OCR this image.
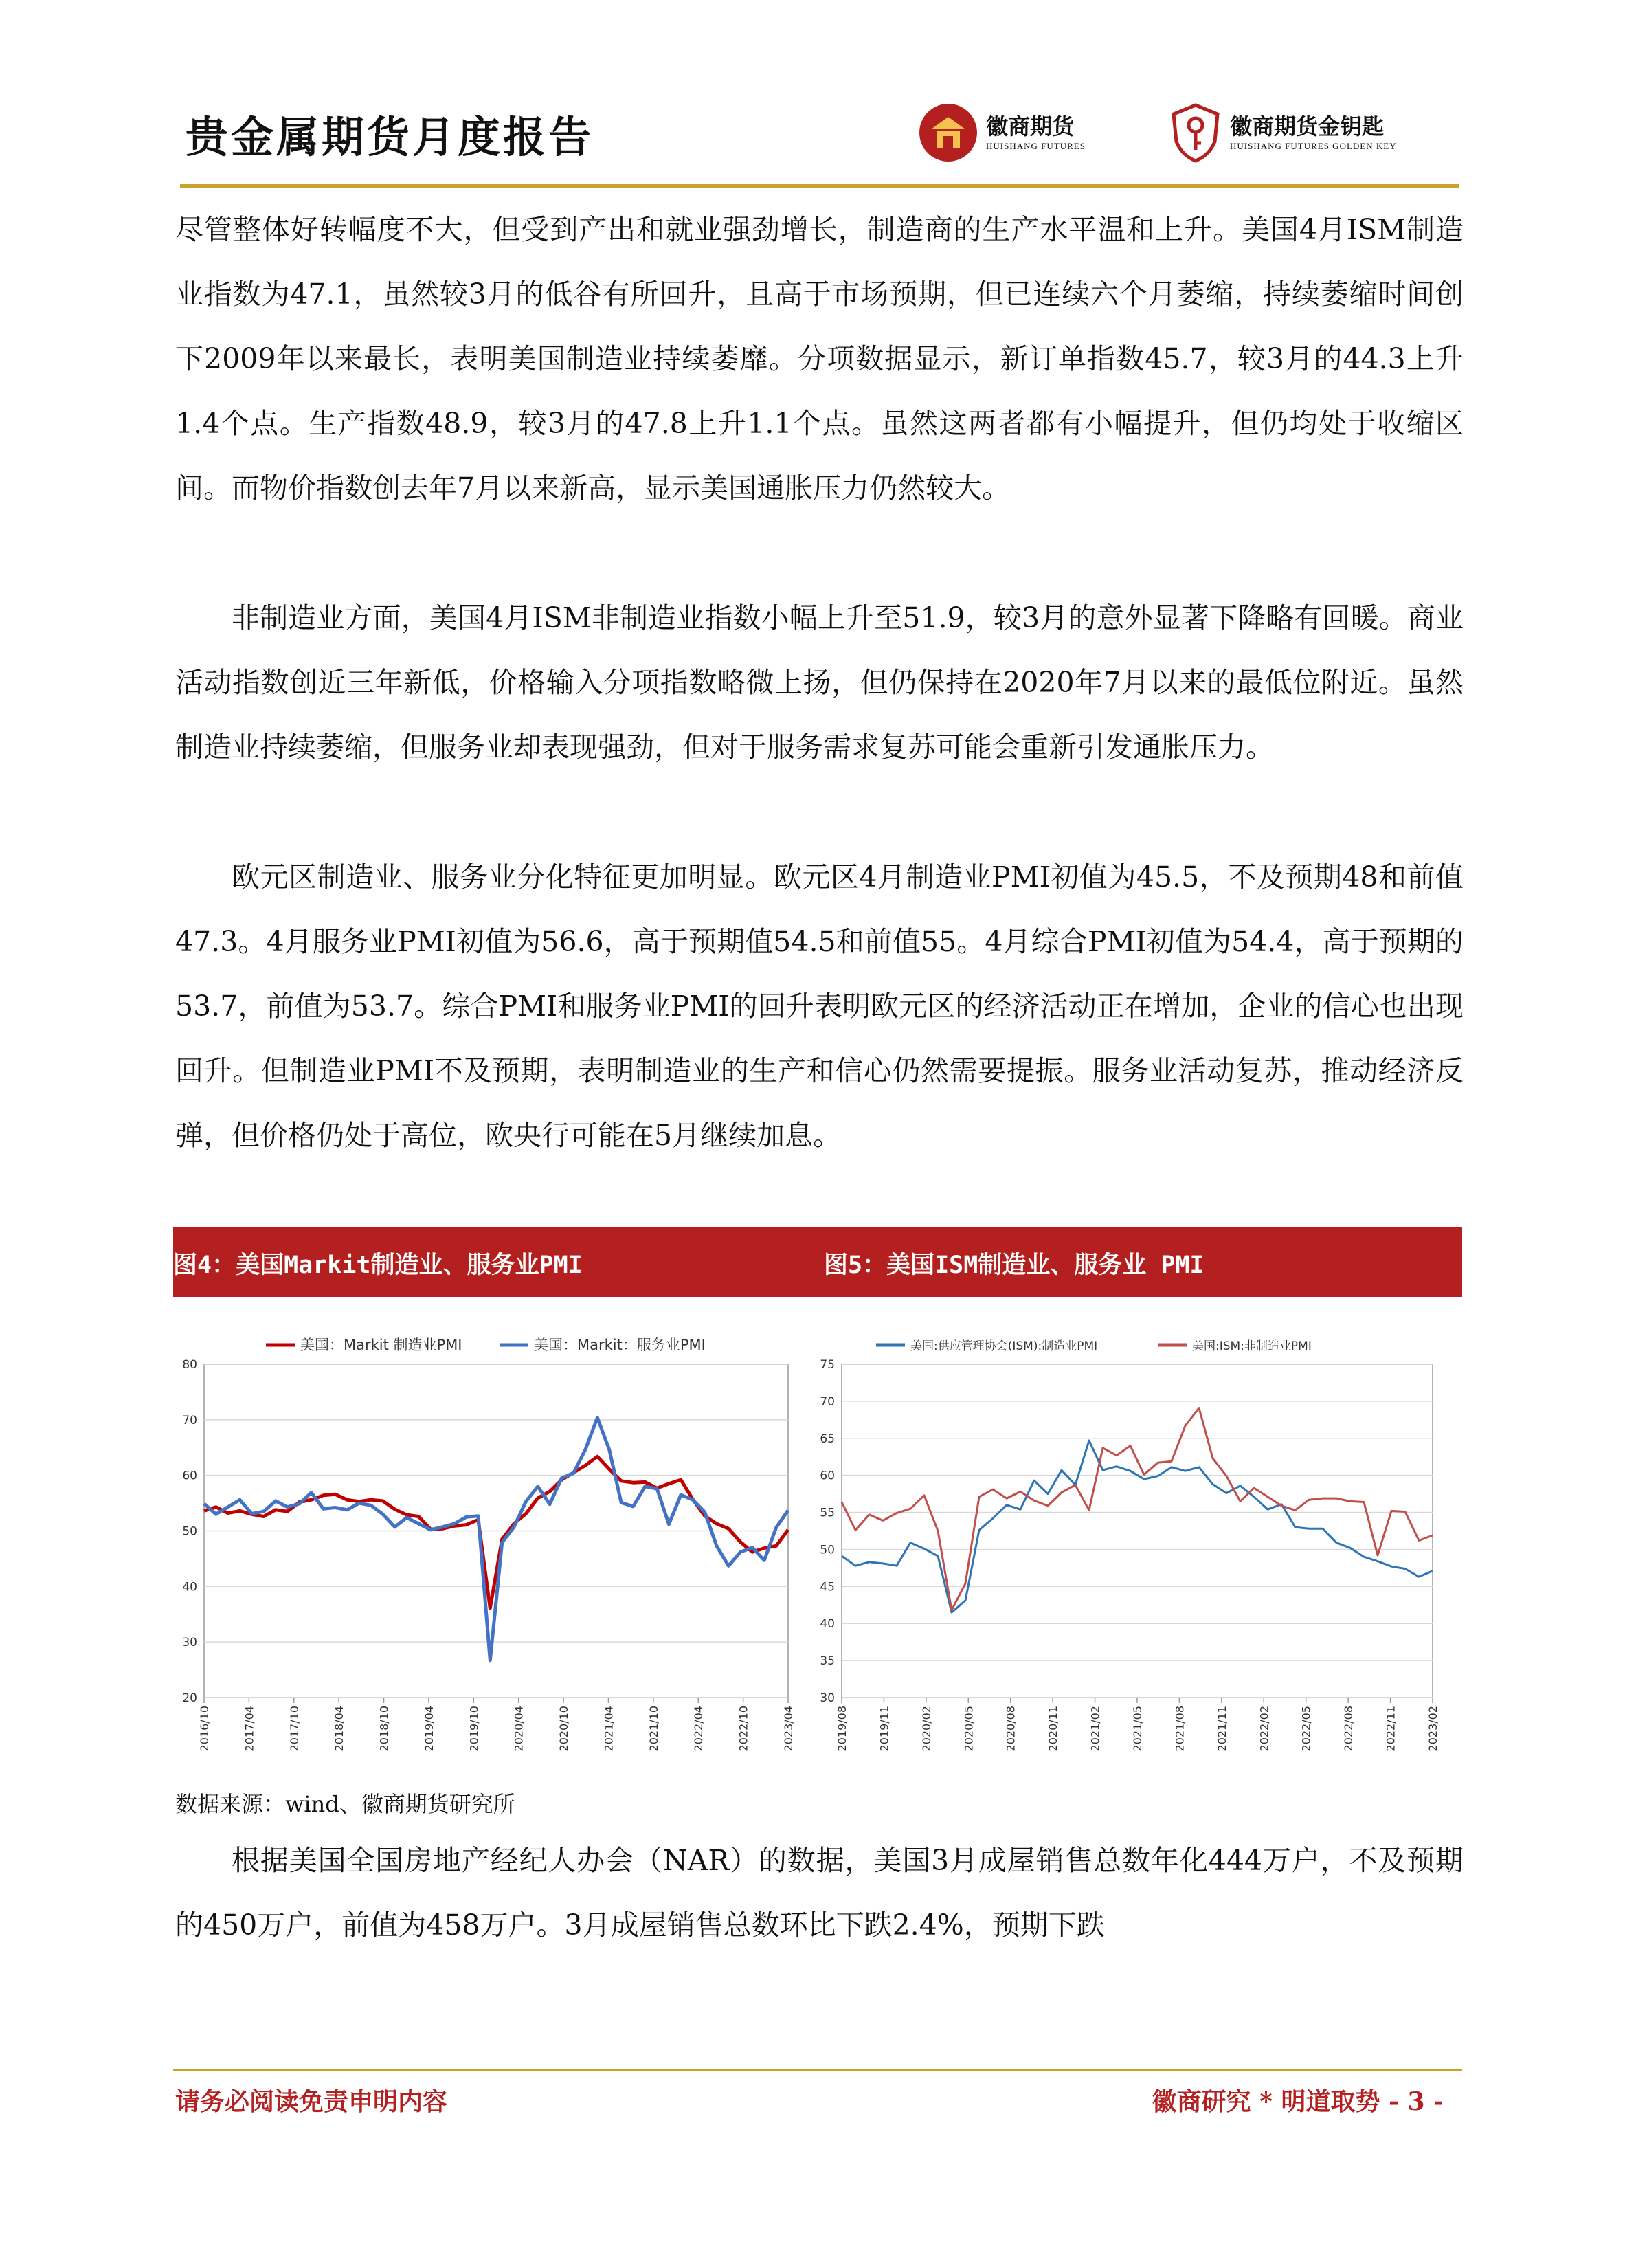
贵金属期货月度报告	徽商期货
HUISHANG FUTURES
徽商期货金钥匙
HUISHANG FUTURES GOLDEN KEY

尽管整体好转幅度不大，但受到产出和就业强劲增长，制造商的生产水平温和上升。美国4月ISM制造业指数为47.1，虽然较3月的低谷有所回升，且高于市场预期，但已连续六个月萎缩，持续萎缩时间创下2009年以来最长，表明美国制造业持续萎靡。分项数据显示，新订单指数45.7，较3月的44.3上升1.4个点。生产指数48.9，较3月的47.8上升1.1个点。虽然这两者都有小幅提升，但仍均处于收缩区间。而物价指数创去年7月以来新高，显示美国通胀压力仍然较大。

非制造业方面，美国4月ISM非制造业指数小幅上升至51.9，较3月的意外显著下降略有回暖。商业活动指数创近三年新低，价格输入分项指数略微上扬，但仍保持在2020年7月以来的最低位附近。虽然制造业持续萎缩，但服务业却表现强劲，但对于服务需求复苏可能会重新引发通胀压力。

欧元区制造业、服务业分化特征更加明显。欧元区4月制造业PMI初值为45.5，不及预期48和前值47.3。4月服务业PMI初值为56.6，高于预期值54.5和前值55。4月综合PMI初值为54.4，高于预期的53.7，前值为53.7。综合PMI和服务业PMI的回升表明欧元区的经济活动正在增加，企业的信心也出现回升。但制造业PMI不及预期，表明制造业的生产和信心仍然需要提振。服务业活动复苏，推动经济反弹，但价格仍处于高位，欧央行可能在5月继续加息。

图4：美国Markit制造业、服务业PMI	图5：美国ISM制造业、服务业 PMI
20
30
40
50
60
70
80
2016/10	2017/04	2017/10	2018/04	2018/10	2019/04	2019/10	2020/04	2020/10	2021/04	2021/10	2022/04	2022/10	2023/04
美国：Markit 制造业PMI	美国：Markit：服务业PMI
30
35
40
45
50
55
60
65
70
75
2019/08	2019/11	2020/02	2020/05	2020/08	2020/11	2021/02	2021/05	2021/08	2021/11	2022/02	2022/05	2022/08	2022/11	2023/02
美国:供应管理协会(ISM):制造业PMI	美国:ISM:非制造业PMI
数据来源：wind、徽商期货研究所

根据美国全国房地产经纪人办会（NAR）的数据，美国3月成屋销售总数年化444万户，不及预期的450万户，前值为458万户。3月成屋销售总数环比下跌2.4%，预期下跌

请务必阅读免责申明内容	徽商研究 * 明道取势 - 3 -
